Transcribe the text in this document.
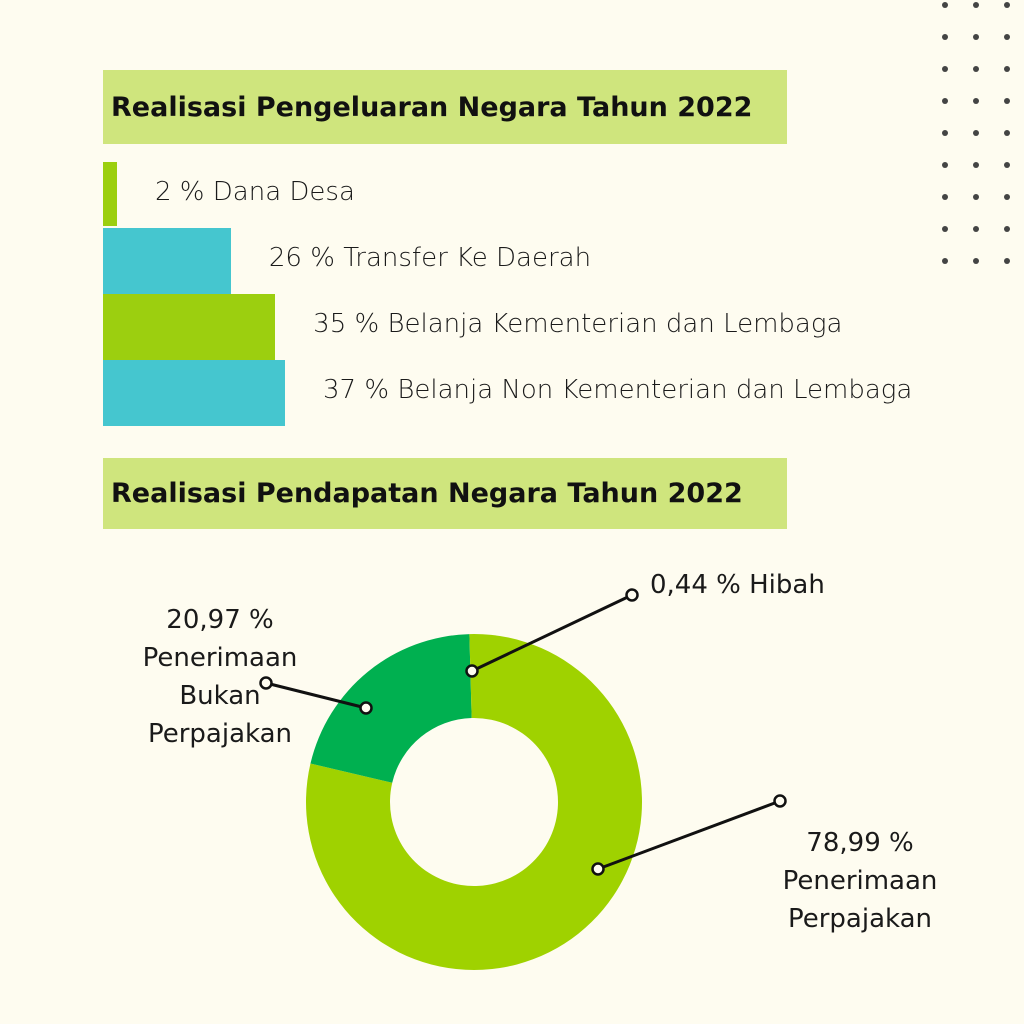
Realisasi Pengeluaran Negara Tahun 2022
2 % Dana Desa
26 % Transfer Ke Daerah
35 % Belanja Kementerian dan Lembaga
37 % Belanja Non Kementerian dan Lembaga
Realisasi Pendapatan Negara Tahun 2022
78,99 %
Penerimaan
Perpajakan
20,97 %
Penerimaan
Bukan
Perpajakan
0,44 % Hibah
